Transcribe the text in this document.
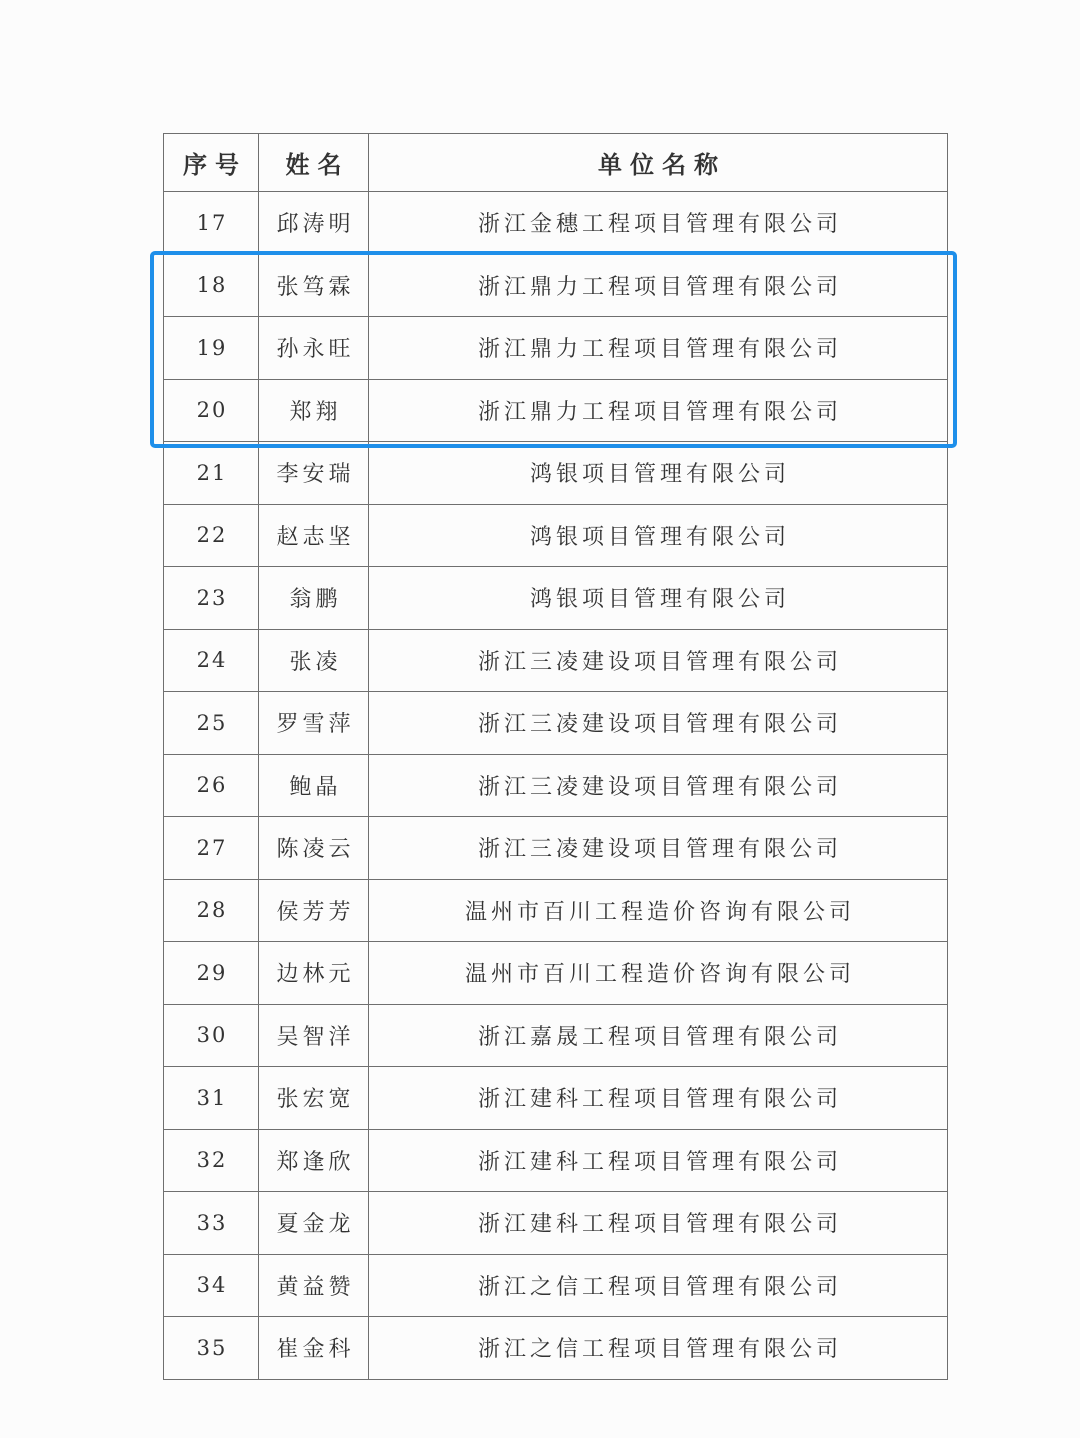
序号	姓名	单位名称
17	邱涛明	浙江金穗工程项目管理有限公司
18	张笃霖	浙江鼎力工程项目管理有限公司
19	孙永旺	浙江鼎力工程项目管理有限公司
20	郑翔	浙江鼎力工程项目管理有限公司
21	李安瑞	鸿银项目管理有限公司
22	赵志坚	鸿银项目管理有限公司
23	翁鹏	鸿银项目管理有限公司
24	张凌	浙江三凌建设项目管理有限公司
25	罗雪萍	浙江三凌建设项目管理有限公司
26	鲍晶	浙江三凌建设项目管理有限公司
27	陈凌云	浙江三凌建设项目管理有限公司
28	侯芳芳	温州市百川工程造价咨询有限公司
29	边林元	温州市百川工程造价咨询有限公司
30	吴智洋	浙江嘉晟工程项目管理有限公司
31	张宏宽	浙江建科工程项目管理有限公司
32	郑逢欣	浙江建科工程项目管理有限公司
33	夏金龙	浙江建科工程项目管理有限公司
34	黄益赞	浙江之信工程项目管理有限公司
35	崔金科	浙江之信工程项目管理有限公司
